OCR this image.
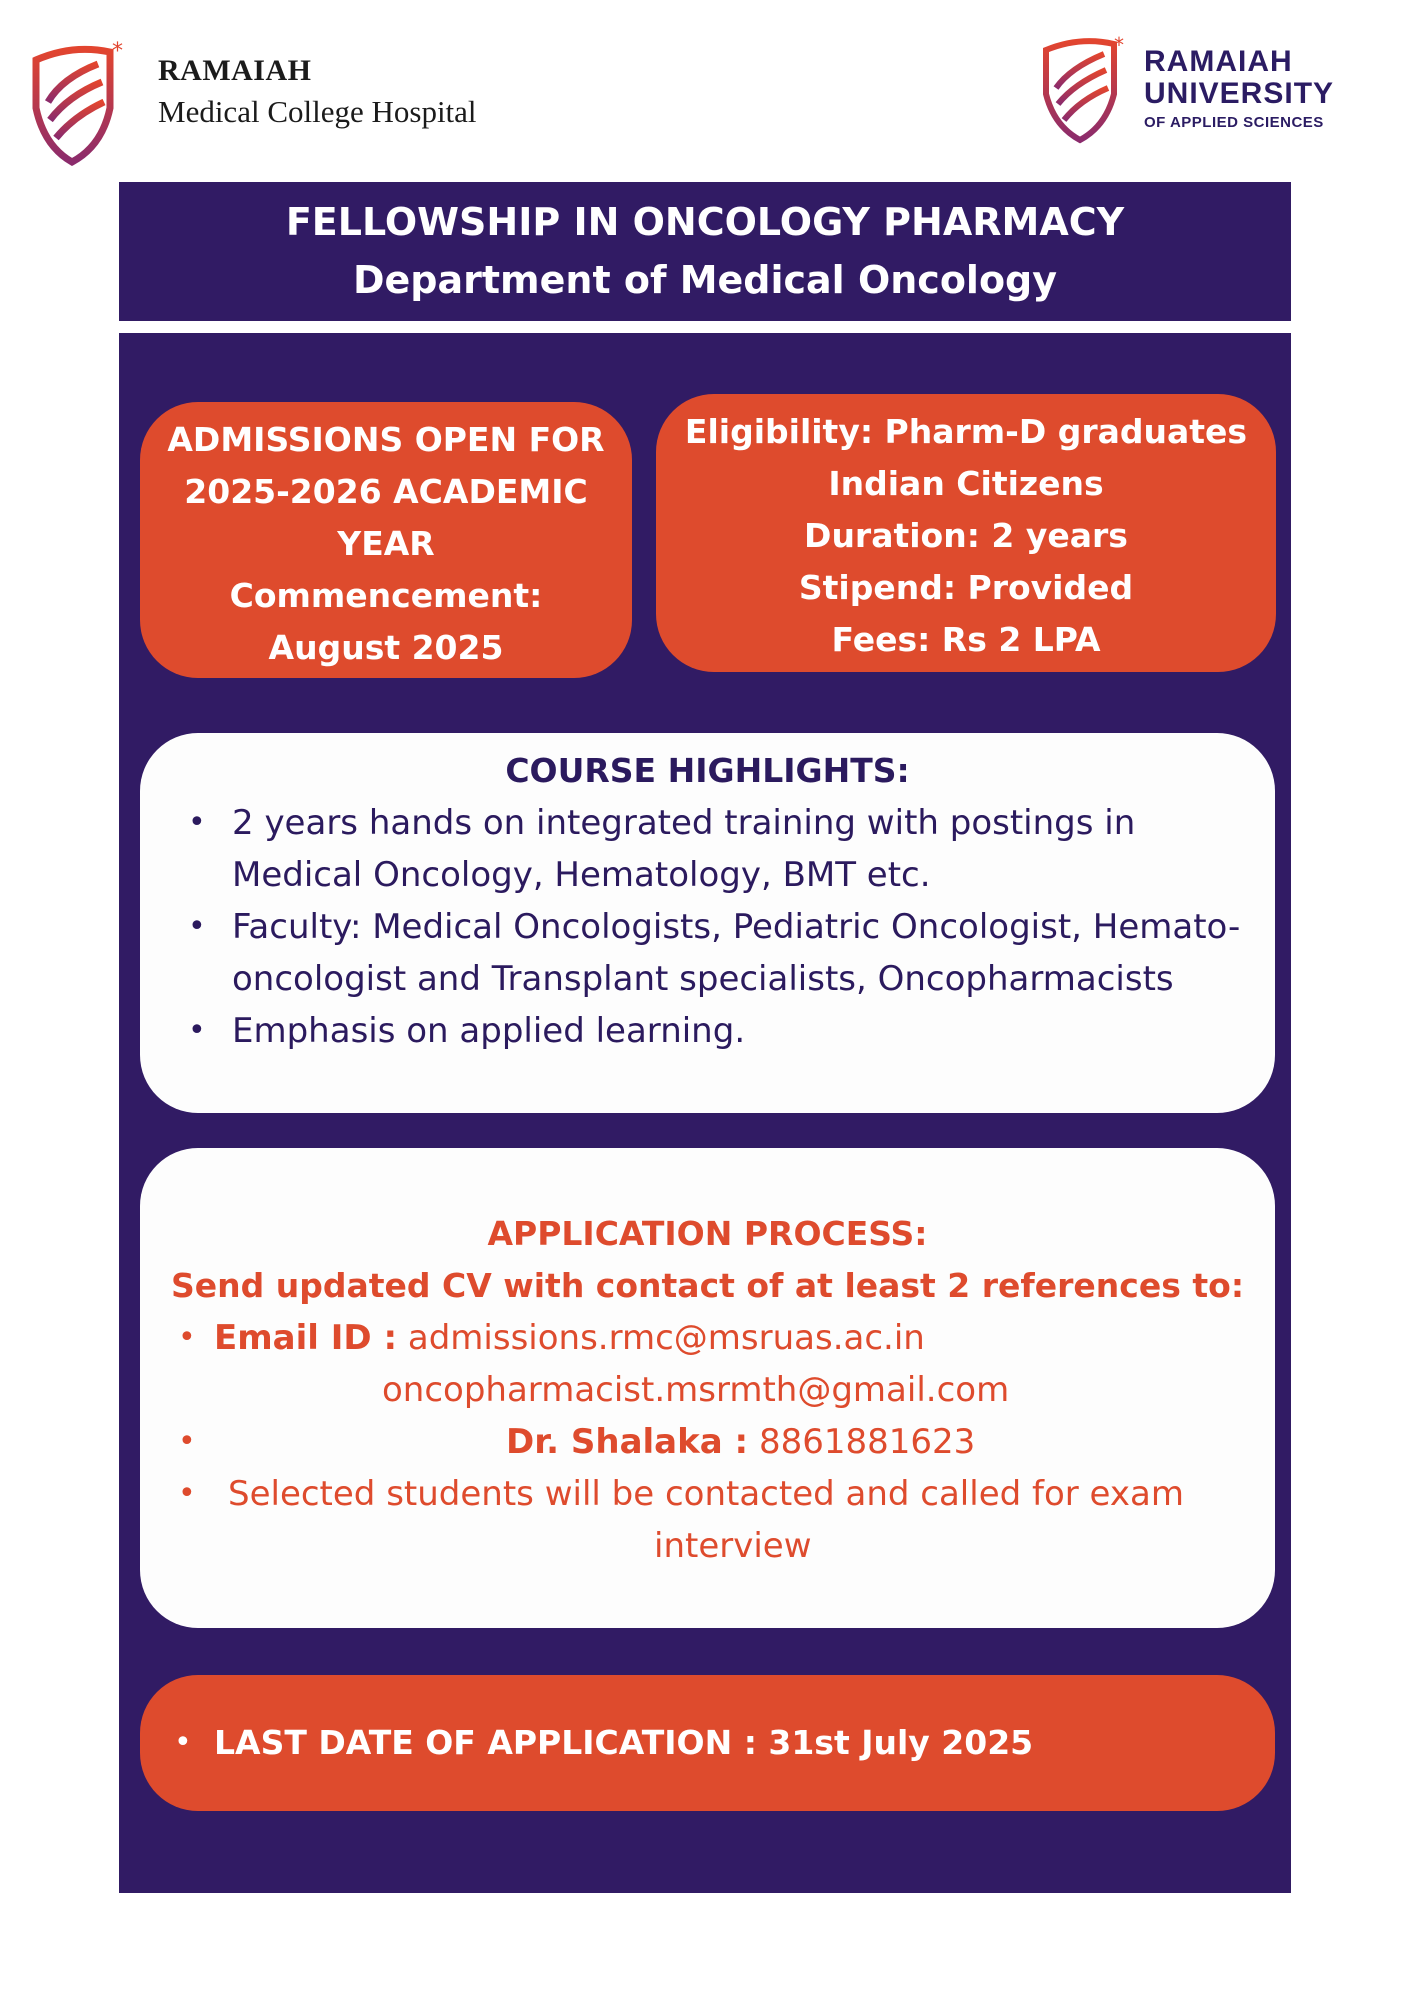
*
RAMAIAH
Medical College Hospital
* RAMAIAH
UNIVERSITY
OF APPLIED SCIENCES
FELLOWSHIP IN ONCOLOGY PHARMACY
Department of Medical Oncology
ADMISSIONS OPEN FOR
2025-2026 ACADEMIC
YEAR
Commencement:
August 2025
Eligibility: Pharm-D graduates
Indian Citizens
Duration: 2 years
Stipend: Provided
Fees: Rs 2 LPA
COURSE HIGHLIGHTS:
• 2 years hands on integrated training with postings in Medical Oncology, Hematology, BMT etc.
• Faculty: Medical Oncologists, Pediatric Oncologist, Hemato-oncologist and Transplant specialists, Oncopharmacists
• Emphasis on applied learning.
APPLICATION PROCESS:
Send updated CV with contact of at least 2 references to:
• Email ID : admissions.rmc@msruas.ac.in
oncopharmacist.msrmth@gmail.com
•	Dr. Shalaka : 8861881623
• Selected students will be contacted and called for exam
interview
• LAST DATE OF APPLICATION : 31st July 2025
